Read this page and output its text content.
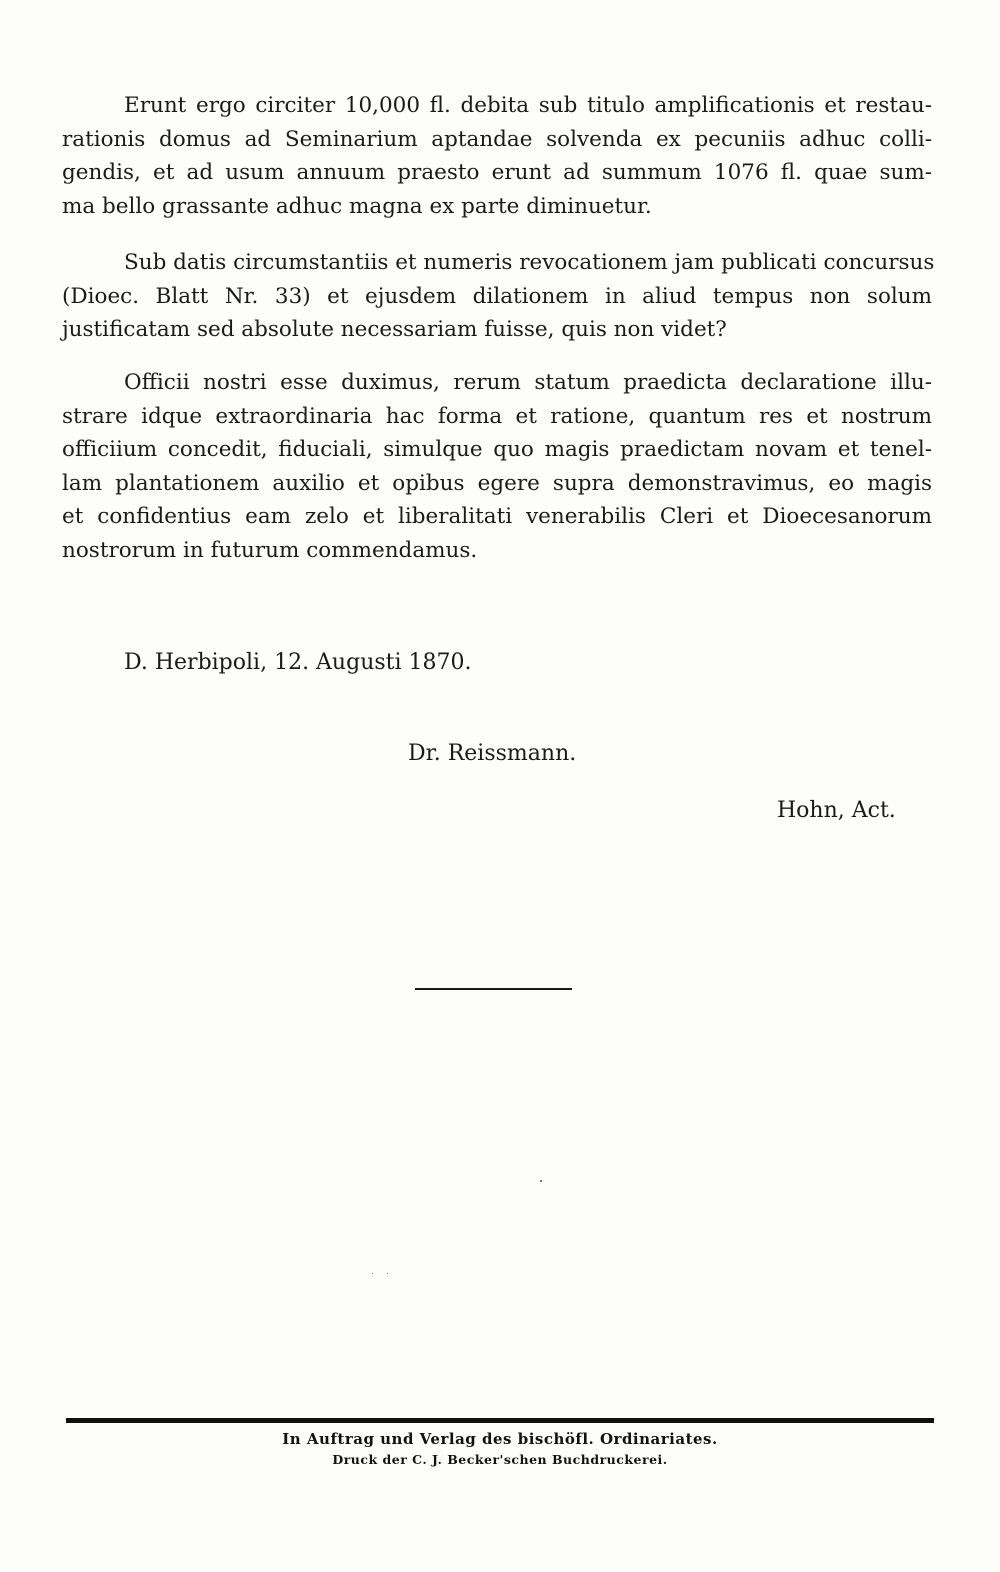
Erunt ergo circiter 10,000 fl. debita sub titulo amplificationis et restau-
rationis domus ad Seminarium aptandae solvenda ex pecuniis adhuc colli-
gendis, et ad usum annuum praesto erunt ad summum 1076 fl. quae sum-
ma bello grassante adhuc magna ex parte diminuetur.
Sub datis circumstantiis et numeris revocationem jam publicati concursus
(Dioec. Blatt Nr. 33) et ejusdem dilationem in aliud tempus non solum
justificatam sed absolute necessariam fuisse, quis non videt?
Officii nostri esse duximus, rerum statum praedicta declaratione illu-
strare idque extraordinaria hac forma et ratione, quantum res et nostrum
officiium concedit, fiduciali, simulque quo magis praedictam novam et tenel-
lam plantationem auxilio et opibus egere supra demonstravimus, eo magis
et confidentius eam zelo et liberalitati venerabilis Cleri et Dioecesanorum
nostrorum in futurum commendamus.
D. Herbipoli, 12. Augusti 1870.
Dr. Reissmann.
Hohn, Act.
In Auftrag und Verlag des bischöfl. Ordinariates.
Druck der C. J. Becker'schen Buchdruckerei.
